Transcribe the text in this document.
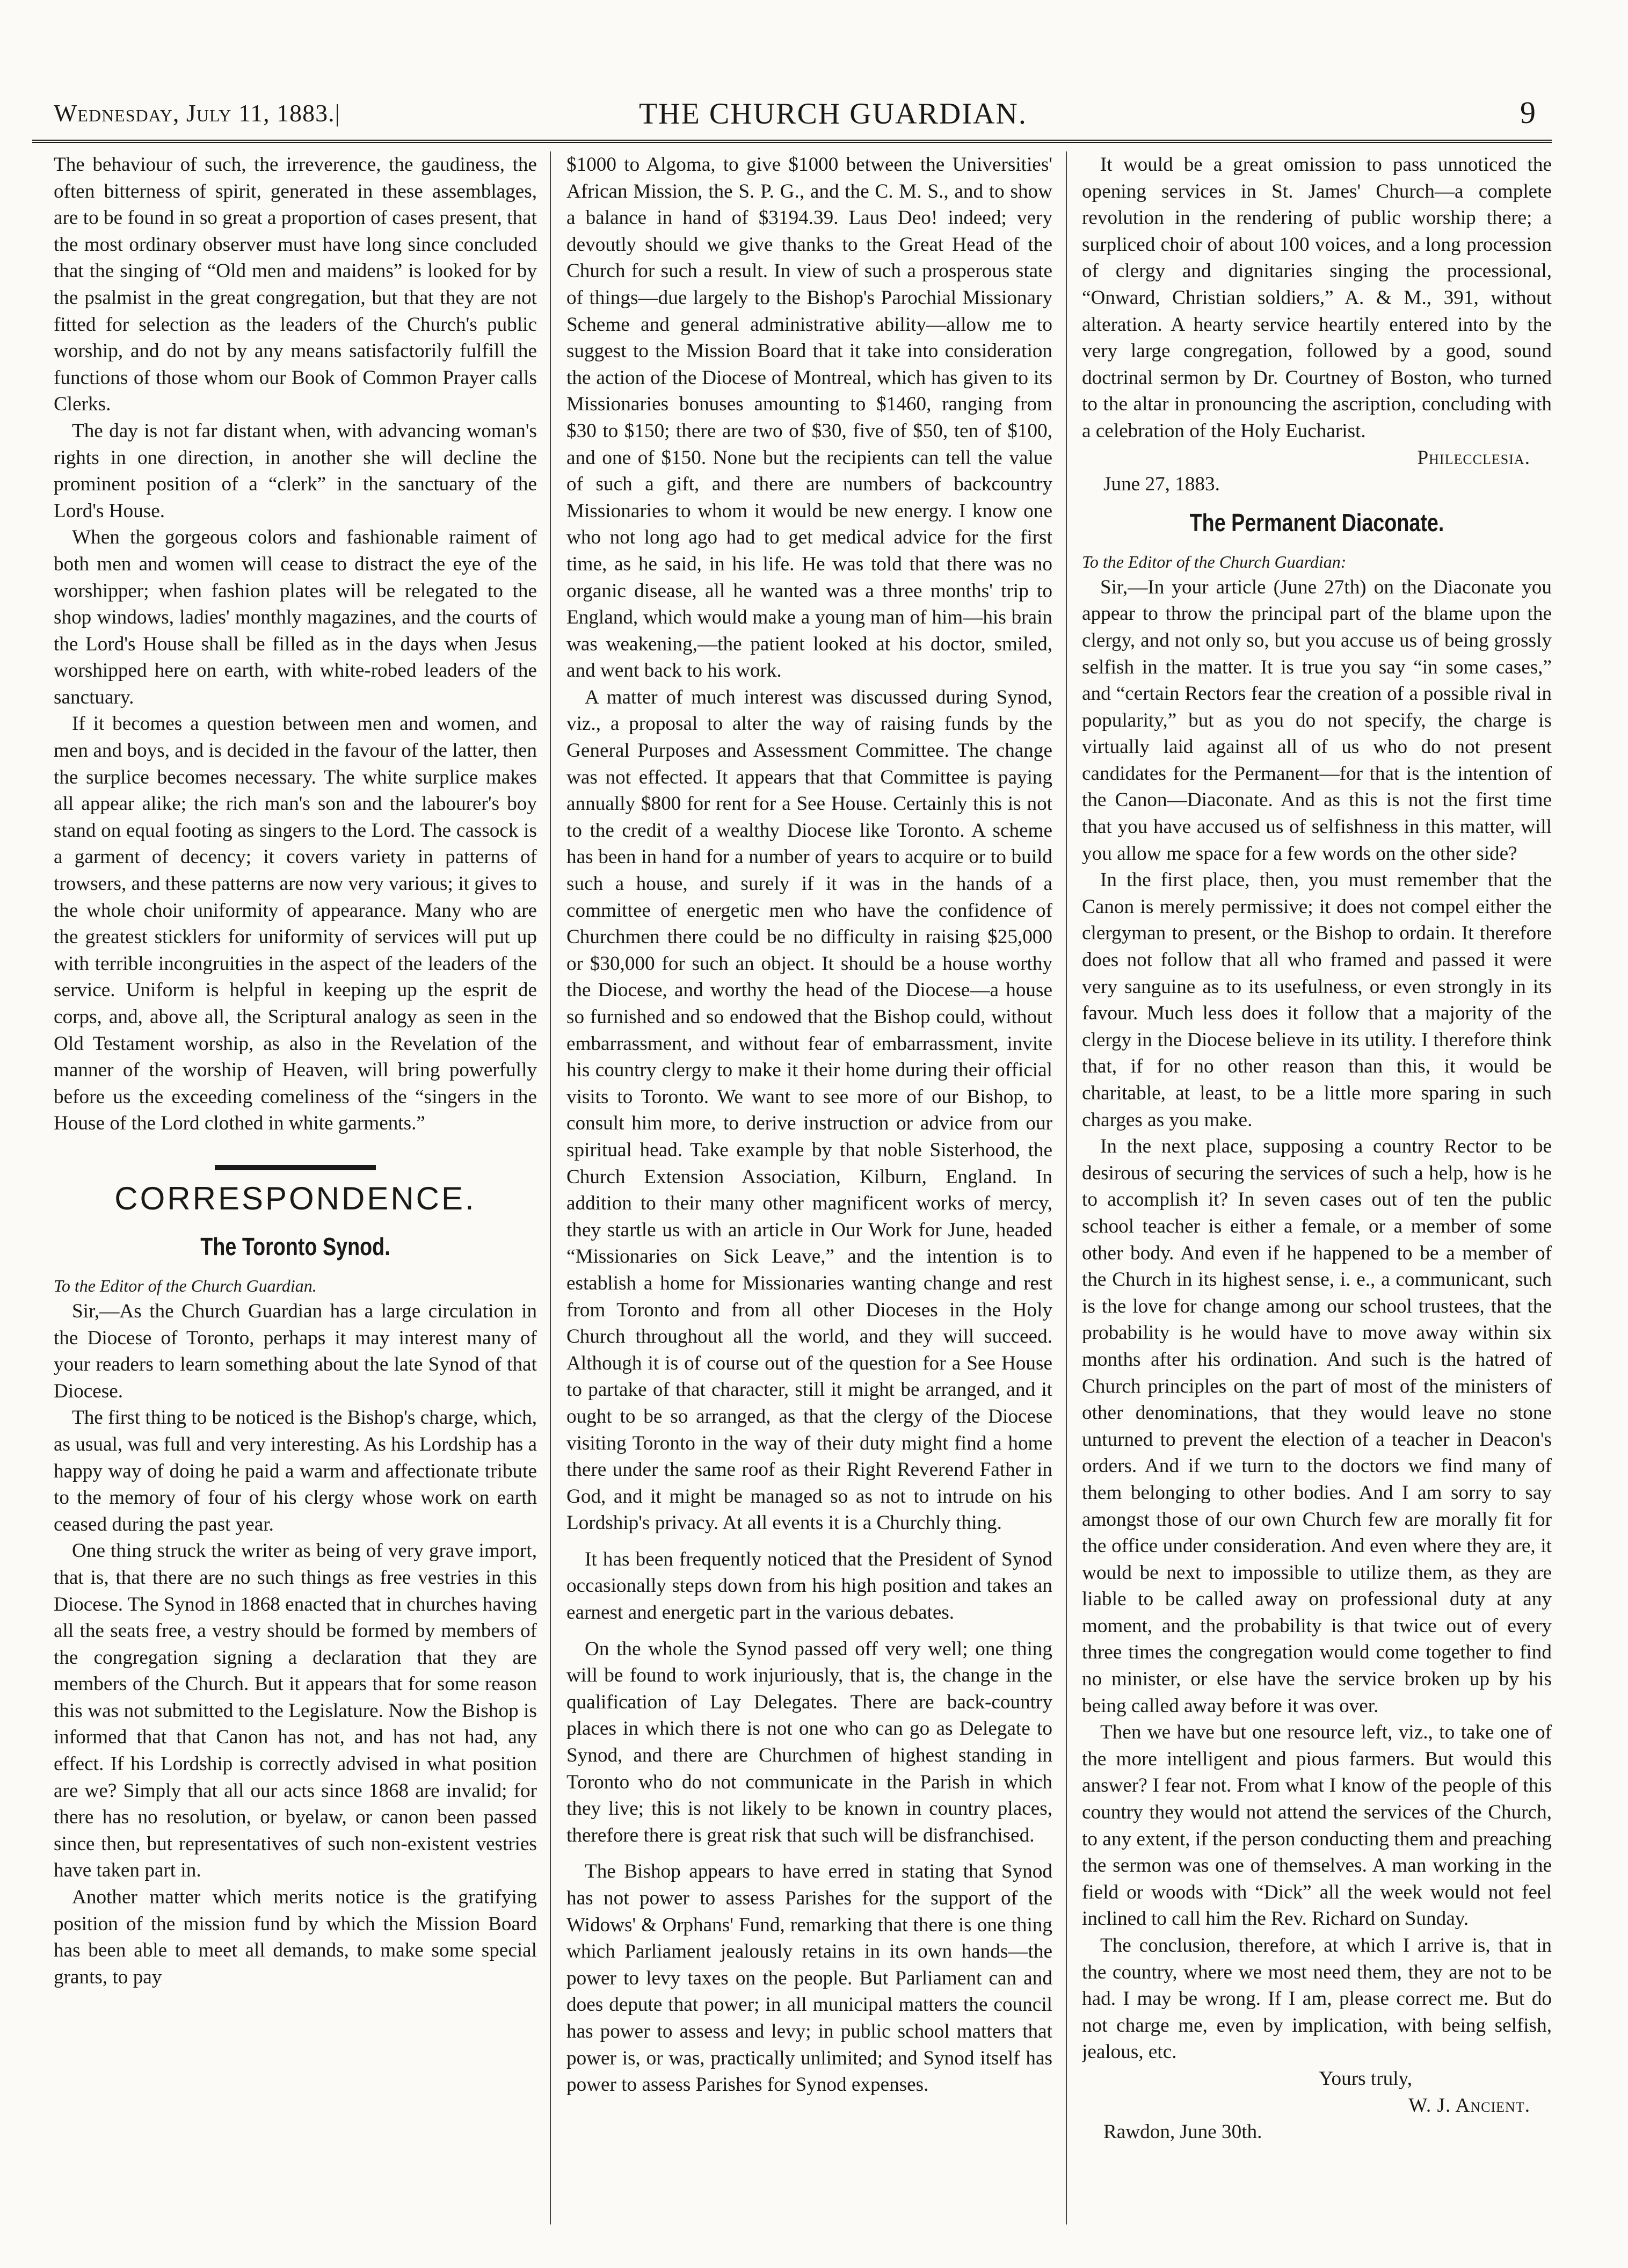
Wednesday, July 11, 1883.|	THE CHURCH GUARDIAN.	9

The behaviour of such, the irreverence, the gaudiness, the often bitterness of spirit, generated in these assemblages, are to be found in so great a proportion of cases present, that the most ordinary observer must have long since concluded that the singing of “Old men and maidens” is looked for by the psalmist in the great congregation, but that they are not fitted for selection as the leaders of the Church's public worship, and do not by any means satisfactorily fulfill the functions of those whom our Book of Common Prayer calls Clerks.

The day is not far distant when, with advancing woman's rights in one direction, in another she will decline the prominent position of a “clerk” in the sanctuary of the Lord's House.

When the gorgeous colors and fashionable raiment of both men and women will cease to distract the eye of the worshipper; when fashion plates will be relegated to the shop windows, ladies' monthly magazines, and the courts of the Lord's House shall be filled as in the days when Jesus worshipped here on earth, with white-robed leaders of the sanctuary.

If it becomes a question between men and women, and men and boys, and is decided in the favour of the latter, then the surplice becomes necessary. The white surplice makes all appear alike; the rich man's son and the labourer's boy stand on equal footing as singers to the Lord. The cassock is a garment of decency; it covers variety in patterns of trowsers, and these patterns are now very various; it gives to the whole choir uniformity of appearance. Many who are the greatest sticklers for uniformity of services will put up with terrible incongruities in the aspect of the leaders of the service. Uniform is helpful in keeping up the esprit de corps, and, above all, the Scriptural analogy as seen in the Old Testament worship, as also in the Revelation of the manner of the worship of Heaven, will bring powerfully before us the exceeding comeliness of the “singers in the House of the Lord clothed in white garments.”

CORRESPONDENCE.
The Toronto Synod.

To the Editor of the Church Guardian.

Sir,—As the Church Guardian has a large circulation in the Diocese of Toronto, perhaps it may interest many of your readers to learn something about the late Synod of that Diocese.

The first thing to be noticed is the Bishop's charge, which, as usual, was full and very interesting. As his Lordship has a happy way of doing he paid a warm and affectionate tribute to the memory of four of his clergy whose work on earth ceased during the past year.

One thing struck the writer as being of very grave import, that is, that there are no such things as free vestries in this Diocese. The Synod in 1868 enacted that in churches having all the seats free, a vestry should be formed by members of the congregation signing a declaration that they are members of the Church. But it appears that for some reason this was not submitted to the Legislature. Now the Bishop is informed that that Canon has not, and has not had, any effect. If his Lordship is correctly advised in what position are we? Simply that all our acts since 1868 are invalid; for there has no resolution, or byelaw, or canon been passed since then, but representatives of such non-existent vestries have taken part in.

Another matter which merits notice is the gratifying position of the mission fund by which the Mission Board has been able to meet all demands, to make some special grants, to pay

$1000 to Algoma, to give $1000 between the Universities' African Mission, the S. P. G., and the C. M. S., and to show a balance in hand of $3194.39. Laus Deo! indeed; very devoutly should we give thanks to the Great Head of the Church for such a result. In view of such a prosperous state of things—due largely to the Bishop's Parochial Missionary Scheme and general administrative ability—allow me to suggest to the Mission Board that it take into consideration the action of the Diocese of Montreal, which has given to its Missionaries bonuses amounting to $1460, ranging from $30 to $150; there are two of $30, five of $50, ten of $100, and one of $150. None but the recipients can tell the value of such a gift, and there are numbers of backcountry Missionaries to whom it would be new energy. I know one who not long ago had to get medical advice for the first time, as he said, in his life. He was told that there was no organic disease, all he wanted was a three months' trip to England, which would make a young man of him—his brain was weakening,—the patient looked at his doctor, smiled, and went back to his work.

A matter of much interest was discussed during Synod, viz., a proposal to alter the way of raising funds by the General Purposes and Assessment Committee. The change was not effected. It appears that that Committee is paying annually $800 for rent for a See House. Certainly this is not to the credit of a wealthy Diocese like Toronto. A scheme has been in hand for a number of years to acquire or to build such a house, and surely if it was in the hands of a committee of energetic men who have the confidence of Churchmen there could be no difficulty in raising $25,000 or $30,000 for such an object. It should be a house worthy the Diocese, and worthy the head of the Diocese—a house so furnished and so endowed that the Bishop could, without embarrassment, and without fear of embarrassment, invite his country clergy to make it their home during their official visits to Toronto. We want to see more of our Bishop, to consult him more, to derive instruction or advice from our spiritual head. Take example by that noble Sisterhood, the Church Extension Association, Kilburn, England. In addition to their many other magnificent works of mercy, they startle us with an article in Our Work for June, headed “Missionaries on Sick Leave,” and the intention is to establish a home for Missionaries wanting change and rest from Toronto and from all other Dioceses in the Holy Church throughout all the world, and they will succeed. Although it is of course out of the question for a See House to partake of that character, still it might be arranged, and it ought to be so arranged, as that the clergy of the Diocese visiting Toronto in the way of their duty might find a home there under the same roof as their Right Reverend Father in God, and it might be managed so as not to intrude on his Lordship's privacy. At all events it is a Churchly thing.

It has been frequently noticed that the President of Synod occasionally steps down from his high position and takes an earnest and energetic part in the various debates.

On the whole the Synod passed off very well; one thing will be found to work injuriously, that is, the change in the qualification of Lay Delegates. There are back-country places in which there is not one who can go as Delegate to Synod, and there are Churchmen of highest standing in Toronto who do not communicate in the Parish in which they live; this is not likely to be known in country places, therefore there is great risk that such will be disfranchised.

The Bishop appears to have erred in stating that Synod has not power to assess Parishes for the support of the Widows' & Orphans' Fund, remarking that there is one thing which Parliament jealously retains in its own hands—the power to levy taxes on the people. But Parliament can and does depute that power; in all municipal matters the council has power to assess and levy; in public school matters that power is, or was, practically unlimited; and Synod itself has power to assess Parishes for Synod expenses.

It would be a great omission to pass unnoticed the opening services in St. James' Church—a complete revolution in the rendering of public worship there; a surpliced choir of about 100 voices, and a long procession of clergy and dignitaries singing the processional, “Onward, Christian soldiers,” A. & M., 391, without alteration. A hearty service heartily entered into by the very large congregation, followed by a good, sound doctrinal sermon by Dr. Courtney of Boston, who turned to the altar in pronouncing the ascription, concluding with a celebration of the Holy Eucharist.

Philecclesia.

June 27, 1883.

The Permanent Diaconate.

To the Editor of the Church Guardian:

Sir,—In your article (June 27th) on the Diaconate you appear to throw the principal part of the blame upon the clergy, and not only so, but you accuse us of being grossly selfish in the matter. It is true you say “in some cases,” and “certain Rectors fear the creation of a possible rival in popularity,” but as you do not specify, the charge is virtually laid against all of us who do not present candidates for the Permanent—for that is the intention of the Canon—Diaconate. And as this is not the first time that you have accused us of selfishness in this matter, will you allow me space for a few words on the other side?

In the first place, then, you must remember that the Canon is merely permissive; it does not compel either the clergyman to present, or the Bishop to ordain. It therefore does not follow that all who framed and passed it were very sanguine as to its usefulness, or even strongly in its favour. Much less does it follow that a majority of the clergy in the Diocese believe in its utility. I therefore think that, if for no other reason than this, it would be charitable, at least, to be a little more sparing in such charges as you make.

In the next place, supposing a country Rector to be desirous of securing the services of such a help, how is he to accomplish it? In seven cases out of ten the public school teacher is either a female, or a member of some other body. And even if he happened to be a member of the Church in its highest sense, i. e., a communicant, such is the love for change among our school trustees, that the probability is he would have to move away within six months after his ordination. And such is the hatred of Church principles on the part of most of the ministers of other denominations, that they would leave no stone unturned to prevent the election of a teacher in Deacon's orders. And if we turn to the doctors we find many of them belonging to other bodies. And I am sorry to say amongst those of our own Church few are morally fit for the office under consideration. And even where they are, it would be next to impossible to utilize them, as they are liable to be called away on professional duty at any moment, and the probability is that twice out of every three times the congregation would come together to find no minister, or else have the service broken up by his being called away before it was over.

Then we have but one resource left, viz., to take one of the more intelligent and pious farmers. But would this answer? I fear not. From what I know of the people of this country they would not attend the services of the Church, to any extent, if the person conducting them and preaching the sermon was one of themselves. A man working in the field or woods with “Dick” all the week would not feel inclined to call him the Rev. Richard on Sunday.

The conclusion, therefore, at which I arrive is, that in the country, where we most need them, they are not to be had. I may be wrong. If I am, please correct me. But do not charge me, even by implication, with being selfish, jealous, etc.

Yours truly,

W. J. Ancient.

Rawdon, June 30th.
